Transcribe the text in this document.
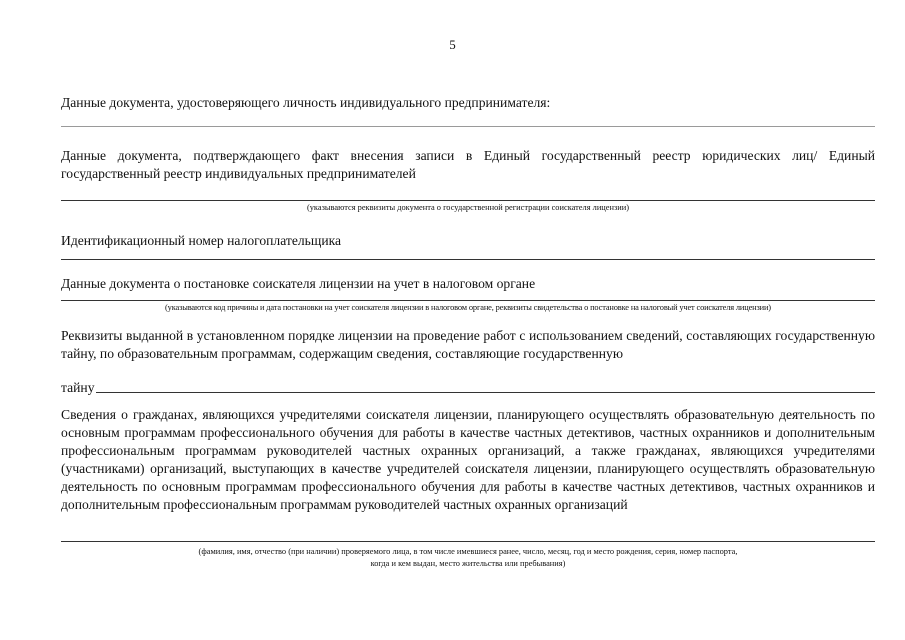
5
Данные документа, удостоверяющего личность индивидуального предпринимателя:
Данные документа, подтверждающего факт внесения записи в Единый государственный реестр юридических лиц/ Единый государственный реестр индивидуальных предпринимателей
(указываются реквизиты документа о государственной регистрации соискателя лицензии)
Идентификационный номер налогоплательщика
Данные документа о постановке соискателя лицензии на учет в налоговом органе
(указываются код причины и дата постановки на учет соискателя лицензии в налоговом органе, реквизиты свидетельства о постановке на налоговый учет соискателя лицензии)
Реквизиты выданной в установленном порядке лицензии на проведение работ с использованием сведений, составляющих государственную тайну, по образовательным программам, содержащим сведения, составляющие государственную
тайну
Сведения о гражданах, являющихся учредителями соискателя лицензии, планирующего осуществлять образовательную деятельность по основным программам профессионального обучения для работы в качестве частных детективов, частных охранников и дополнительным профессиональным программам руководителей частных охранных организаций, а также гражданах, являющихся учредителями (участниками) организаций, выступающих в качестве учредителей соискателя лицензии, планирующего осуществлять образовательную деятельность по основным программам профессионального обучения для работы в качестве частных детективов, частных охранников и дополнительным профессиональным программам руководителей частных охранных организаций
(фамилия, имя, отчество (при наличии) проверяемого лица, в том числе имевшиеся ранее, число, месяц, год и место рождения, серия, номер паспорта,
когда и кем выдан, место жительства или пребывания)
